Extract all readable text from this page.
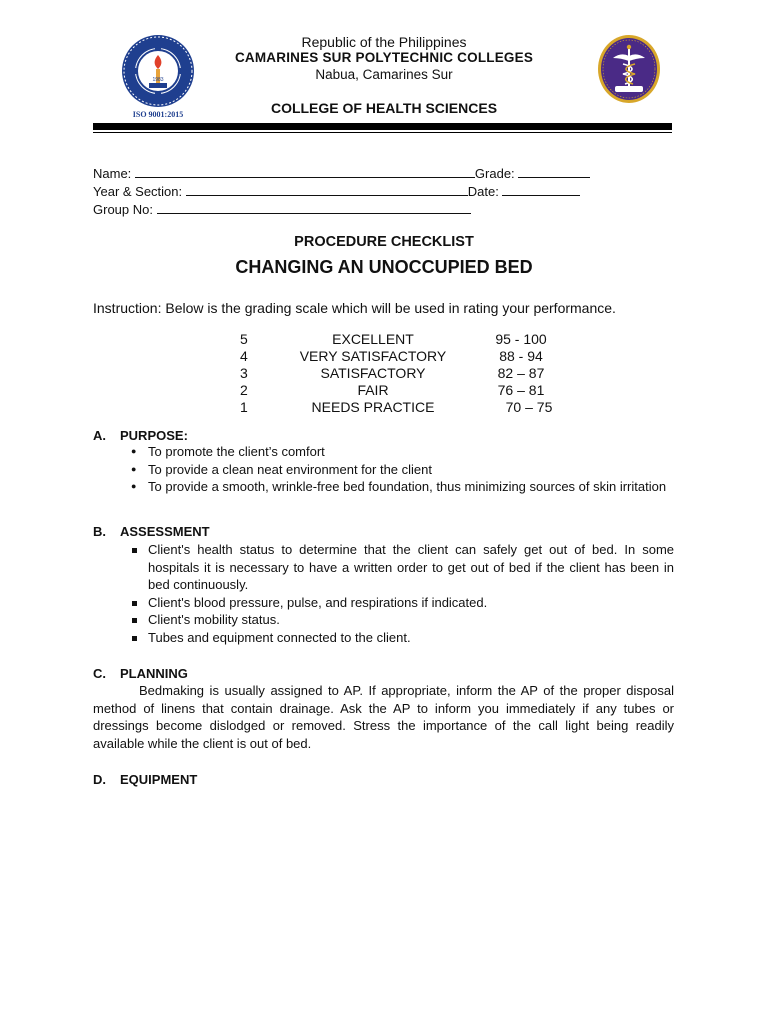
1983
ISO 9001:2015
Republic of the Philippines
CAMARINES SUR POLYTECHNIC COLLEGES
Nabua, Camarines Sur
COLLEGE OF HEALTH SCIENCES
Name:	Grade:
Year & Section:	Date:
Group No:
PROCEDURE CHECKLIST
CHANGING AN UNOCCUPIED BED
Instruction: Below is the grading scale which will be used in rating your performance.
5	EXCELLENT	95 - 100
4	VERY SATISFACTORY	88 - 94
3	SATISFACTORY	82 – 87
2	FAIR	76 – 81
1	NEEDS PRACTICE	70 – 75
A. PURPOSE:
● To promote the client’s comfort
● To provide a clean neat environment for the client
● To provide a smooth, wrinkle-free bed foundation, thus minimizing sources of skin irritation
B. ASSESSMENT
Client's health status to determine that the client can safely get out of bed. In some hospitals it is necessary to have a written order to get out of bed if the client has been in bed continuously.
Client's blood pressure, pulse, and respirations if indicated.
Client's mobility status.
Tubes and equipment connected to the client.
C. PLANNING

Bedmaking is usually assigned to AP. If appropriate, inform the AP of the proper disposal method of linens that contain drainage. Ask the AP to inform you immediately if any tubes or dressings become dislodged or removed. Stress the importance of the call light being readily available while the client is out of bed.

D. EQUIPMENT
